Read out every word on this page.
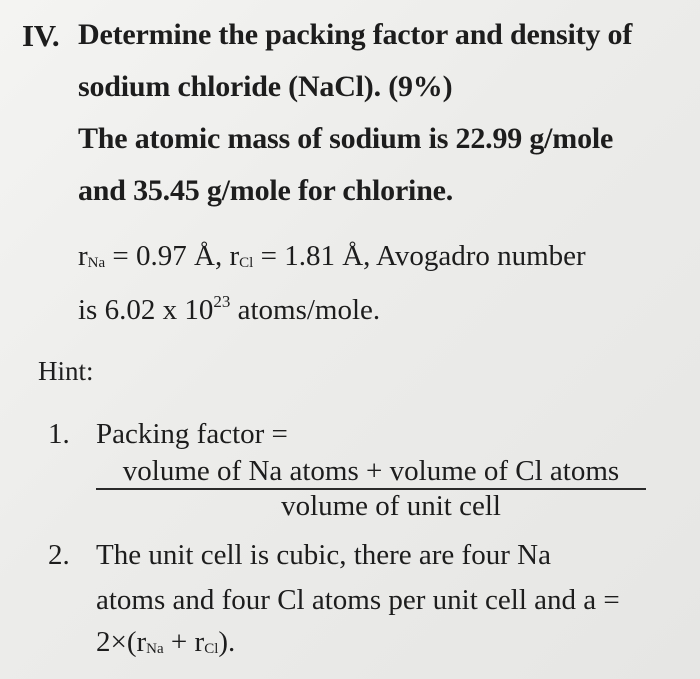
IV. Determine the packing factor and density of
sodium chloride (NaCl). (9%)
The atomic mass of sodium is 22.99 g/mole
and 35.45 g/mole for chlorine.
$r_{Na} = 0.97$ Å, $r_{Cl} = 1.81$ Å, Avogadro number
is 6.02 x $10^{23}$ atoms/mole.
Hint:
1. Packing factor =
volume of Na atoms + volume of Cl atoms
volume of unit cell
2. The unit cell is cubic, there are four Na
atoms and four Cl atoms per unit cell and a =
$2\times(r_{Na} + r_{Cl})$.
